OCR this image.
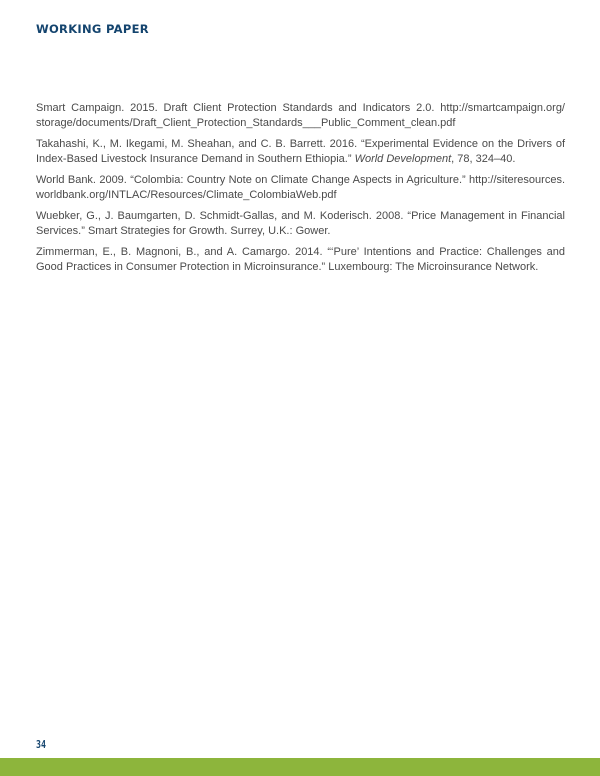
WORKING PAPER

Smart Campaign. 2015. Draft Client Protection Standards and Indicators 2.0. http://smartcampaign.org/ storage/documents/Draft_Client_Protection_Standards___Public_Comment_clean.pdf

Takahashi, K., M. Ikegami, M. Sheahan, and C. B. Barrett. 2016. “Experimental Evidence on the Drivers of Index-Based Livestock Insurance Demand in Southern Ethiopia.” World Development, 78, 324–40.

World Bank. 2009. “Colombia: Country Note on Climate Change Aspects in Agriculture.” http://siteresources. worldbank.org/INTLAC/Resources/Climate_ColombiaWeb.pdf

Wuebker, G., J. Baumgarten, D. Schmidt-Gallas, and M. Koderisch. 2008. “Price Management in Financial Services.” Smart Strategies for Growth. Surrey, U.K.: Gower.

Zimmerman, E., B. Magnoni, B., and A. Camargo. 2014. “‘Pure’ Intentions and Practice: Challenges and Good Practices in Consumer Protection in Microinsurance.” Luxembourg: The Microinsurance Network.

34
